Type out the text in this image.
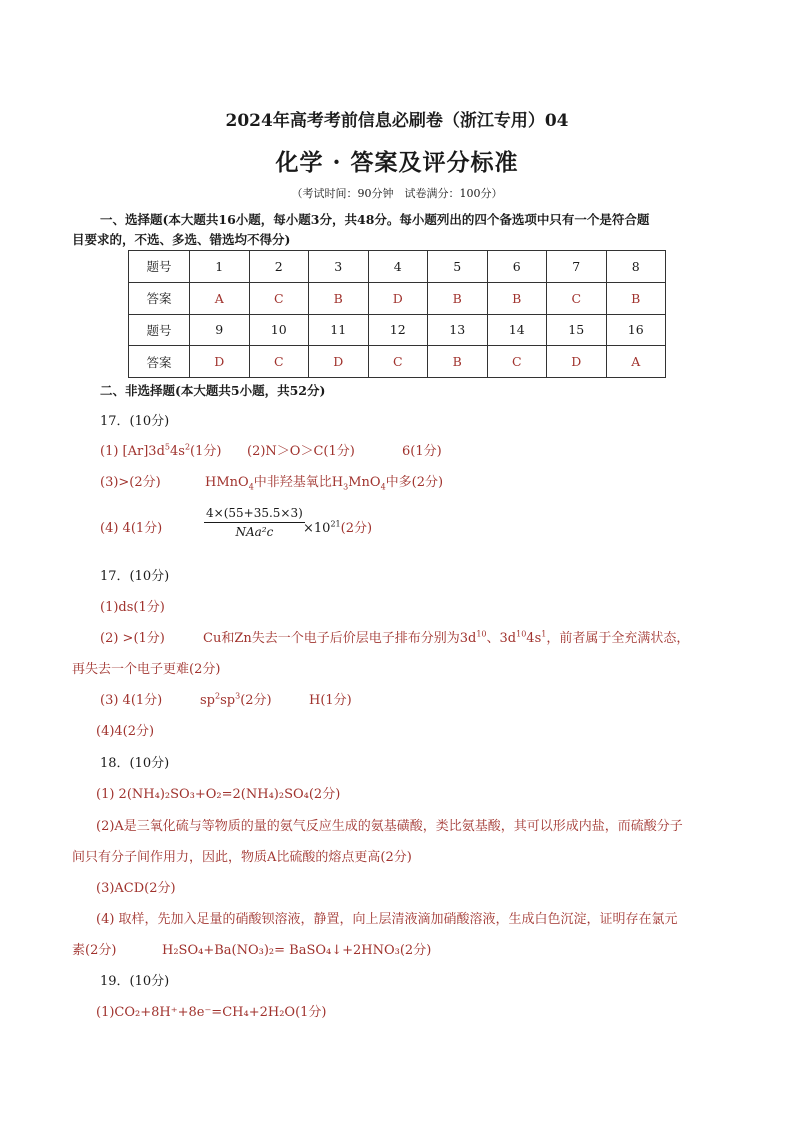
2024年高考考前信息必刷卷（浙江专用）04
化学 · 答案及评分标准
（考试时间：90分钟　试卷满分：100分）
一、选择题(本大题共16小题，每小题3分，共48分。每小题列出的四个备选项中只有一个是符合题
目要求的，不选、多选、错选均不得分)
题号	1	2	3	4	5	6	7	8
答案	A	C	B	D	B	B	C	B
题号	9	10	11	12	13	14	15	16
答案	D	C	D	C	B	C	D	A
二、非选择题(本大题共5小题，共52分)
17．(10分)
(1) $[Ar]3d^54s^2(1$分) (2)N＞O＞C(1分)	6(1分)
(3)>(2分)	HMnO$_4$中非羟基氧比$H_3MnO_4$中多(2分)
(4) 4(1分)
4×(55+35.5×3)
NAa²c	$\times 10^{21}(2$分)
17．(10分)
(1)ds(1分)
(2) >(1分)	Cu和Zn失去一个电子后价层电子排布分别为$3d^{10}$、$3d^{10}4s^1$，前者属于全充满状态，
再失去一个电子更难(2分)
(3) 4(1分)	$sp^2sp^3(2$分)	H(1分)
(4)4(2分)
18．(10分)
(1) 2(NH₄)₂SO₃+O₂=2(NH₄)₂SO₄(2分)
(2)A是三氧化硫与等物质的量的氨气反应生成的氨基磺酸，类比氨基酸，其可以形成内盐，而硫酸分子
间只有分子间作用力，因此，物质A比硫酸的熔点更高(2分)
(3)ACD(2分)
(4) 取样，先加入足量的硝酸钡溶液，静置，向上层清液滴加硝酸溶液，生成白色沉淀，证明存在氯元
素(2分)	H₂SO₄+Ba(NO₃)₂= BaSO₄↓+2HNO₃(2分)
19．(10分)
(1)CO₂+8H⁺+8e⁻=CH₄+2H₂O(1分)
